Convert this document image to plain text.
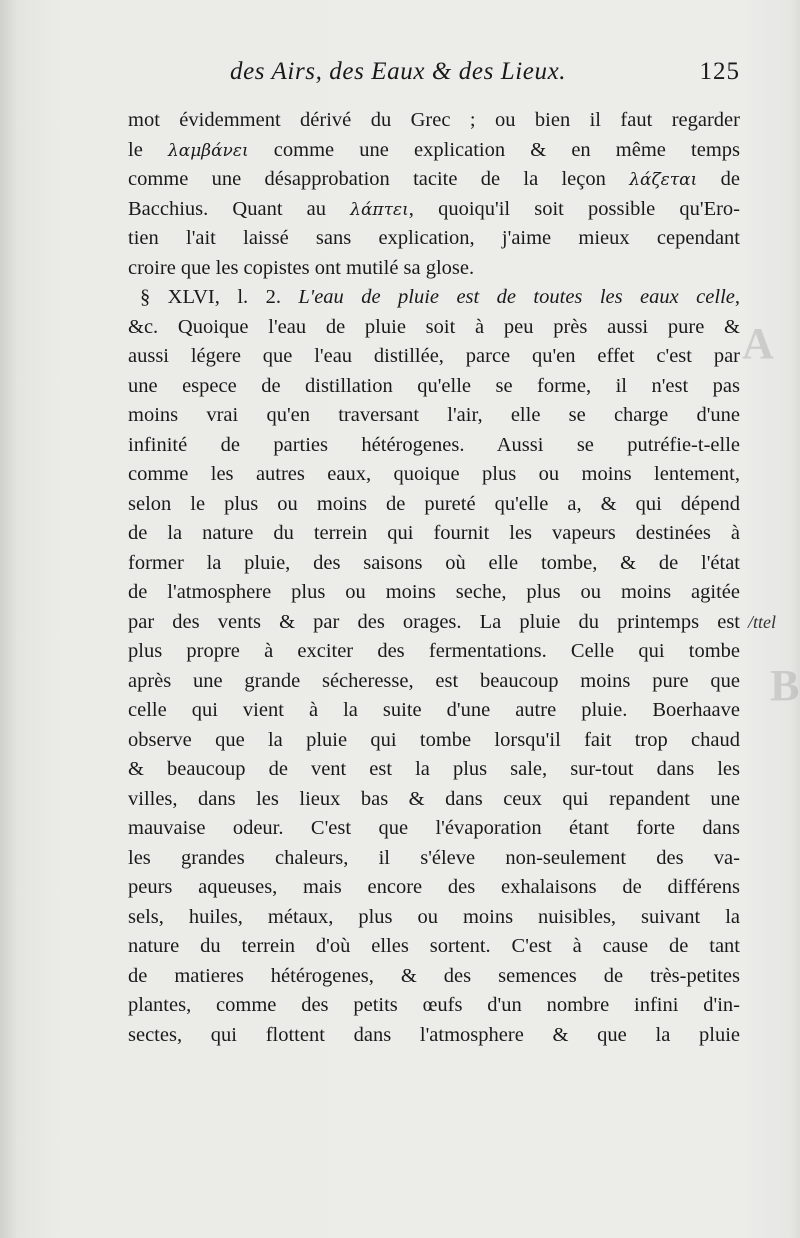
des Airs, des Eaux & des Lieux.	125
mot évidemment dérivé du Grec ; ou bien il faut regarder
le λαμβάνει comme une explication & en même temps
comme une désapprobation tacite de la leçon λάζεται de
Bacchius. Quant au λάπτει, quoiqu'il soit possible qu'Ero-
tien l'ait laissé sans explication, j'aime mieux cependant
croire que les copistes ont mutilé sa glose.
§ XLVI, l. 2. L'eau de pluie est de toutes les eaux celle,
&c. Quoique l'eau de pluie soit à peu près aussi pure &
aussi légere que l'eau distillée, parce qu'en effet c'est par
une espece de distillation qu'elle se forme, il n'est pas
moins vrai qu'en traversant l'air, elle se charge d'une
infinité de parties hétérogenes. Aussi se putréfie-t-elle
comme les autres eaux, quoique plus ou moins lentement,
selon le plus ou moins de pureté qu'elle a, & qui dépend
de la nature du terrein qui fournit les vapeurs destinées à
former la pluie, des saisons où elle tombe, & de l'état
de l'atmosphere plus ou moins seche, plus ou moins agitée
par des vents & par des orages. La pluie du printemps est
plus propre à exciter des fermentations. Celle qui tombe
après une grande sécheresse, est beaucoup moins pure que
celle qui vient à la suite d'une autre pluie. Boerhaave
observe que la pluie qui tombe lorsqu'il fait trop chaud
& beaucoup de vent est la plus sale, sur-tout dans les
villes, dans les lieux bas & dans ceux qui repandent une
mauvaise odeur. C'est que l'évaporation étant forte dans
les grandes chaleurs, il s'éleve non-seulement des va-
peurs aqueuses, mais encore des exhalaisons de différens
sels, huiles, métaux, plus ou moins nuisibles, suivant la
nature du terrein d'où elles sortent. C'est à cause de tant
de matieres hétérogenes, & des semences de très-petites
plantes, comme des petits œufs d'un nombre infini d'in-
sectes, qui flottent dans l'atmosphere & que la pluie
/ttel
A
B
